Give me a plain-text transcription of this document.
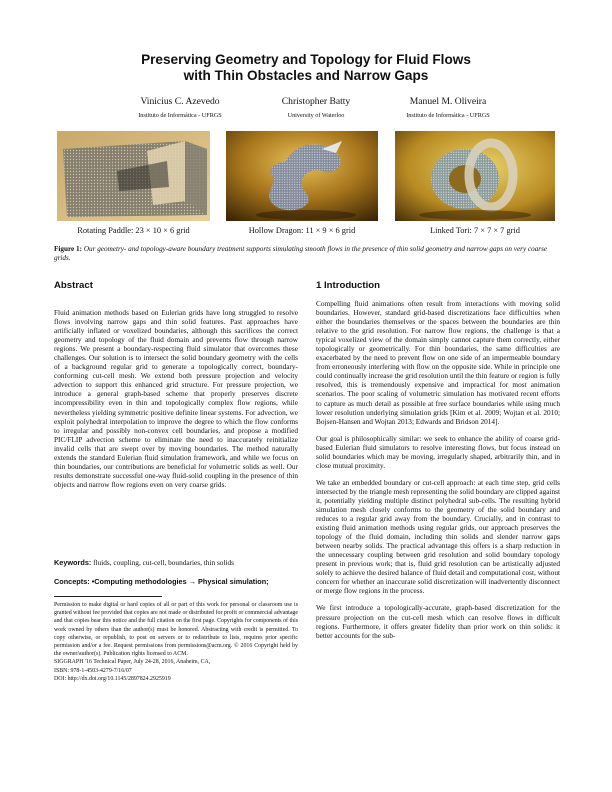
Preserving Geometry and Topology for Fluid Flows
with Thin Obstacles and Narrow Gaps
Vinicius C. Azevedo
Instituto de Informática - UFRGS
Christopher Batty
University of Waterloo
Manuel M. Oliveira
Instituto de Informática - UFRGS
Rotating Paddle: 23 × 10 × 6 grid	Hollow Dragon: 11 × 9 × 6 grid	Linked Tori: 7 × 7 × 7 grid
Figure 1: Our geometry- and topology-aware boundary treatment supports simulating smooth flows in the presence of thin solid geometry and narrow gaps on very coarse grids.
Abstract

Fluid animation methods based on Eulerian grids have long struggled to resolve flows involving narrow gaps and thin solid features. Past approaches have artificially inflated or voxelized boundaries, although this sacrifices the correct geometry and topology of the fluid domain and prevents flow through narrow regions. We present a boundary-respecting fluid simulator that overcomes these challenges. Our solution is to intersect the solid boundary geometry with the cells of a background regular grid to generate a topologically correct, boundary-conforming cut-cell mesh. We extend both pressure projection and velocity advection to support this enhanced grid structure. For pressure projection, we introduce a general graph-based scheme that properly preserves discrete incompressibility even in thin and topologically complex flow regions, while nevertheless yielding symmetric positive definite linear systems. For advection, we exploit polyhedral interpolation to improve the degree to which the flow conforms to irregular and possibly non-convex cell boundaries, and propose a modified PIC/FLIP advection scheme to eliminate the need to inaccurately reinitialize invalid cells that are swept over by moving boundaries. The method naturally extends the standard Eulerian fluid simulation framework, and while we focus on thin boundaries, our contributions are beneficial for volumetric solids as well. Our results demonstrate successful one-way fluid-solid coupling in the presence of thin objects and narrow flow regions even on very coarse grids.

Keywords: fluids, coupling, cut-cell, boundaries, thin solids
Concepts: •Computing methodologies → Physical simulation;
Permission to make digital or hard copies of all or part of this work for personal or classroom use is granted without fee provided that copies are not made or distributed for profit or commercial advantage and that copies bear this notice and the full citation on the first page. Copyrights for components of this work owned by others than the author(s) must be honored. Abstracting with credit is permitted. To copy otherwise, or republish, to post on servers or to redistribute to lists, requires prior specific permission and/or a fee. Request permissions from permissions@acm.org. © 2016 Copyright held by the owner/author(s). Publication rights licensed to ACM.
SIGGRAPH '16 Technical Paper, July 24-28, 2016, Anaheim, CA,
ISBN: 978-1-4503-4279-7/16/07
DOI: http://dx.doi.org/10.1145/2897824.2925919
1 Introduction

Compelling fluid animations often result from interactions with moving solid boundaries. However, standard grid-based discretizations face difficulties when either the boundaries themselves or the spaces between the boundaries are thin relative to the grid resolution. For narrow flow regions, the challenge is that a typical voxelized view of the domain simply cannot capture them correctly, either topologically or geometrically. For thin boundaries, the same difficulties are exacerbated by the need to prevent flow on one side of an impermeable boundary from erroneously interfering with flow on the opposite side. While in principle one could continually increase the grid resolution until the thin feature or region is fully resolved, this is tremendously expensive and impractical for most animation scenarios. The poor scaling of volumetric simulation has motivated recent efforts to capture as much detail as possible at free surface boundaries while using much lower resolution underlying simulation grids [Kim et al. 2009; Wojtan et al. 2010; Bojsen-Hansen and Wojtan 2013; Edwards and Bridson 2014].

Our goal is philosophically similar: we seek to enhance the ability of coarse grid-based Eulerian fluid simulators to resolve interesting flows, but focus instead on solid boundaries which may be moving, irregularly shaped, arbitrarily thin, and in close mutual proximity.

We take an embedded boundary or cut-cell approach: at each time step, grid cells intersected by the triangle mesh representing the solid boundary are clipped against it, potentially yielding multiple distinct polyhedral sub-cells. The resulting hybrid simulation mesh closely conforms to the geometry of the solid boundary and reduces to a regular grid away from the boundary. Crucially, and in contrast to existing fluid animation methods using regular grids, our approach preserves the topology of the fluid domain, including thin solids and slender narrow gaps between nearby solids. The practical advantage this offers is a sharp reduction in the unnecessary coupling between grid resolution and solid boundary topology present in previous work; that is, fluid grid resolution can be artistically adjusted solely to achieve the desired balance of fluid detail and computational cost, without concern for whether an inaccurate solid discretization will inadvertently disconnect or merge flow regions in the process.

We first introduce a topologically-accurate, graph-based discretization for the pressure projection on the cut-cell mesh which can resolve flows in difficult regions. Furthermore, it offers greater fidelity than prior work on thin solids: it better accounts for the sub-
